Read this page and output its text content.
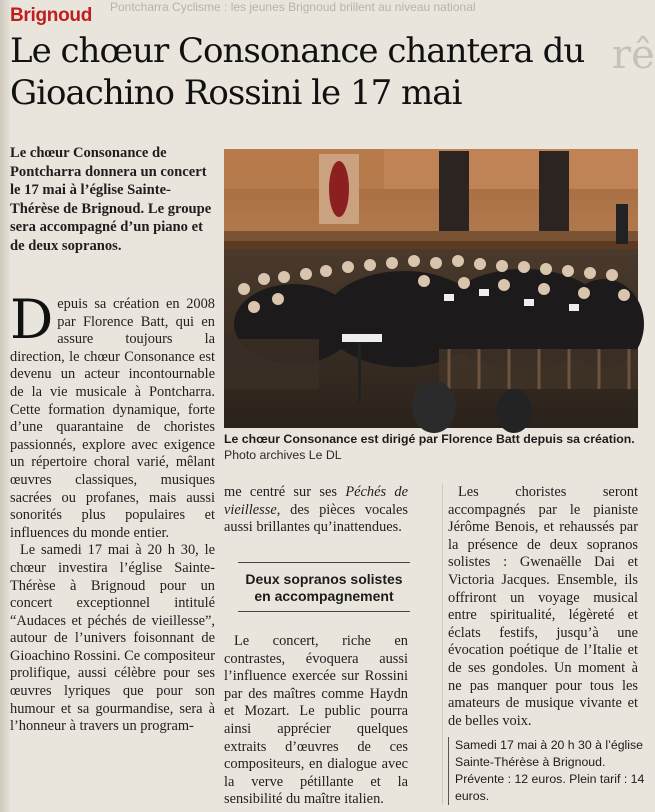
Pontcharra Cyclisme : les jeunes Brignoud brillent au niveau national
rê
Brignoud
Le chœur Consonance chantera du Gioachino Rossini le 17 mai
Le chœur Consonance de Pontcharra donnera un concert le 17 mai à l’église Sainte-Thérèse de Brignoud. Le groupe sera accompagné d’un piano et de deux sopranos.
Le chœur Consonance est dirigé par Florence Batt depuis sa création. Photo archives Le DL

Depuis sa création en 2008 par Florence Batt, qui en assure toujours la direction, le chœur Consonance est devenu un acteur incontournable de la vie musicale à Pontcharra. Cette formation dynamique, forte d’une quarantaine de choristes passionnés, explore avec exigence un répertoire choral varié, mêlant œuvres classiques, musiques sacrées ou profanes, mais aussi sonorités plus populaires et influences du monde entier.

Le samedi 17 mai à 20 h 30, le chœur investira l’église Sainte-Thérèse à Brignoud pour un concert exceptionnel intitulé “Audaces et péchés de vieillesse”, autour de l’univers foisonnant de Gioachino Rossini. Ce compositeur prolifique, aussi célèbre pour ses œuvres lyriques que pour son humour et sa gourmandise, sera à l’honneur à travers un program-

me centré sur ses Péchés de vieillesse, des pièces vocales aussi brillantes qu’inattendues.

Deux sopranos solistes en accompagnement

Le concert, riche en contrastes, évoquera aussi l’influence exercée sur Rossini par des maîtres comme Haydn et Mozart. Le public pourra ainsi apprécier quelques extraits d’œuvres de ces compositeurs, en dialogue avec la verve pétillante et la sensibilité du maître italien.

Les choristes seront accompagnés par le pianiste Jérôme Benois, et rehaussés par la présence de deux sopranos solistes : Gwenaëlle Dai et Victoria Jacques. Ensemble, ils offriront un voyage musical entre spiritualité, légèreté et éclats festifs, jusqu’à une évocation poétique de l’Italie et de ses gondoles. Un moment à ne pas manquer pour tous les amateurs de musique vivante et de belles voix.

Samedi 17 mai à 20 h 30 à l’église Sainte-Thérèse à Brignoud. Prévente : 12 euros. Plein tarif : 14 euros.
